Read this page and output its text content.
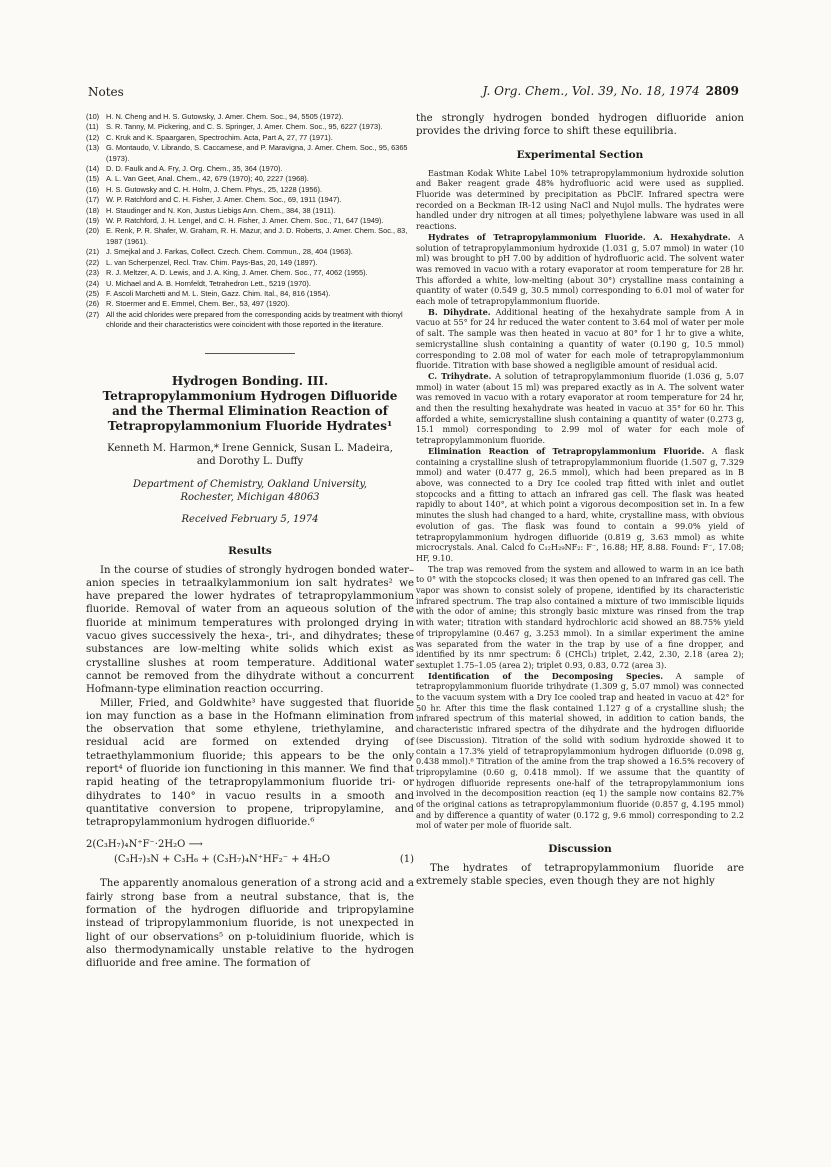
Notes	J. Org. Chem., Vol. 39, No. 18, 1974 2809
(10) H. N. Cheng and H. S. Gutowsky, J. Amer. Chem. Soc., 94, 5505 (1972).
(11)	S. R. Tanny, M. Pickering, and C. S. Springer, J. Amer. Chem. Soc., 95, 6227 (1973).
(12) C. Kruk and K. Spaargaren, Spectrochim. Acta, Part A, 27, 77 (1971).
(13) G. Montaudo, V. Librando, S. Caccamese, and P. Maravigna, J. Amer. Chem. Soc., 95, 6365 (1973).
(14) D. D. Faulk and A. Fry, J. Org. Chem., 35, 364 (1970).
(15) A. L. Van Geet, Anal. Chem., 42, 679 (1970); 40, 2227 (1968).
(16) H. S. Gutowsky and C. H. Holm, J. Chem. Phys., 25, 1228 (1956).
(17) W. P. Ratchford and C. H. Fisher, J. Amer. Chem. Soc., 69, 1911 (1947).
(18) H. Staudinger and N. Kon, Justus Liebigs Ann. Chem., 384, 38 (1911).
(19) W. P. Ratchford, J. H. Lengel, and C. H. Fisher, J. Amer. Chem. Soc., 71, 647 (1949).
(20) E. Renk, P. R. Shafer, W. Graham, R. H. Mazur, and J. D. Roberts, J. Amer. Chem. Soc., 83, 1987 (1961).
(21) J. Smejkal and J. Farkas, Collect. Czech. Chem. Commun., 28, 404 (1963).
(22) L. van Scherpenzel, Recl. Trav. Chim. Pays-Bas, 20, 149 (1897).
(23) R. J. Meltzer, A. D. Lewis, and J. A. King, J. Amer. Chem. Soc., 77, 4062 (1955).
(24) U. Michael and A. B. Hornfeldt, Tetrahedron Lett., 5219 (1970).
(25) F. Ascoli Marchetti and M. L. Stein, Gazz. Chim. Ital., 84, 816 (1954).
(26) R. Stoermer and E. Emmel, Chem. Ber., 53, 497 (1920).
(27) All the acid chlorides were prepared from the corresponding acids by treatment with thionyl chloride and their characteristics were coincident with those reported in the literature.
Hydrogen Bonding. III. Tetrapropylammonium Hydrogen Difluoride and the Thermal Elimination Reaction of Tetrapropylammonium Fluoride Hydrates¹
Kenneth M. Harmon,* Irene Gennick, Susan L. Madeira, and Dorothy L. Duffy
Department of Chemistry, Oakland University,
Rochester, Michigan 48063
Received February 5, 1974
Results

In the course of studies of strongly hydrogen bonded water–anion species in tetraalkylammonium ion salt hydrates² we have prepared the lower hydrates of tetrapropylammonium fluoride. Removal of water from an aqueous solution of the fluoride at minimum temperatures with prolonged drying in vacuo gives successively the hexa-, tri-, and dihydrates; these substances are low-melting white solids which exist as crystalline slushes at room temperature. Additional water cannot be removed from the dihydrate without a concurrent Hofmann-type elimination reaction occurring.

Miller, Fried, and Goldwhite³ have suggested that fluoride ion may function as a base in the Hofmann elimination from the observation that some ethylene, triethylamine, and residual acid are formed on extended drying of tetraethylammonium fluoride; this appears to be the only report⁴ of fluoride ion functioning in this manner. We find that rapid heating of the tetrapropylammonium fluoride tri- or dihydrates to 140° in vacuo results in a smooth and quantitative conversion to propene, tripropylamine, and tetrapropylammonium hydrogen difluoride.⁶

2(C₃H₇)₄N⁺F⁻·2H₂O ⟶
(C₃H₇)₃N + C₃H₆ + (C₃H₇)₄N⁺HF₂⁻ + 4H₂O	(1)

The apparently anomalous generation of a strong acid and a fairly strong base from a neutral substance, that is, the formation of the hydrogen difluoride and tripropylamine instead of tripropylammonium fluoride, is not unexpected in light of our observations⁵ on p-toluidinium fluoride, which is also thermodynamically unstable relative to the hydrogen difluoride and free amine. The formation of

the strongly hydrogen bonded hydrogen difluoride anion provides the driving force to shift these equilibria.
Experimental Section

Eastman Kodak White Label 10% tetrapropylammonium hydroxide solution and Baker reagent grade 48% hydrofluoric acid were used as supplied. Fluoride was determined by precipitation as PbClF. Infrared spectra were recorded on a Beckman IR-12 using NaCl and Nujol mulls. The hydrates were handled under dry nitrogen at all times; polyethylene labware was used in all reactions.

Hydrates of Tetrapropylammonium Fluoride. A. Hexahydrate. A solution of tetrapropylammonium hydroxide (1.031 g, 5.07 mmol) in water (10 ml) was brought to pH 7.00 by addition of hydrofluoric acid. The solvent water was removed in vacuo with a rotary evaporator at room temperature for 28 hr. This afforded a white, low-melting (about 30°) crystalline mass containing a quantity of water (0.549 g, 30.5 mmol) corresponding to 6.01 mol of water for each mole of tetrapropylammonium fluoride.

B. Dihydrate. Additional heating of the hexahydrate sample from A in vacuo at 55° for 24 hr reduced the water content to 3.64 mol of water per mole of salt. The sample was then heated in vacuo at 80° for 1 hr to give a white, semicrystalline slush containing a quantity of water (0.190 g, 10.5 mmol) corresponding to 2.08 mol of water for each mole of tetrapropylammonium fluoride. Titration with base showed a negligible amount of residual acid.

C. Trihydrate. A solution of tetrapropylammonium fluoride (1.036 g, 5.07 mmol) in water (about 15 ml) was prepared exactly as in A. The solvent water was removed in vacuo with a rotary evaporator at room temperature for 24 hr, and then the resulting hexahydrate was heated in vacuo at 35° for 60 hr. This afforded a white, semicrystalline slush containing a quantity of water (0.273 g, 15.1 mmol) corresponding to 2.99 mol of water for each mole of tetrapropylammonium fluoride.

Elimination Reaction of Tetrapropylammonium Fluoride. A flask containing a crystalline slush of tetrapropylammonium fluoride (1.507 g, 7.329 mmol) and water (0.477 g, 26.5 mmol), which had been prepared as in B above, was connected to a Dry Ice cooled trap fitted with inlet and outlet stopcocks and a fitting to attach an infrared gas cell. The flask was heated rapidly to about 140°, at which point a vigorous decomposition set in. In a few minutes the slush had changed to a hard, white, crystalline mass, with obvious evolution of gas. The flask was found to contain a 99.0% yield of tetrapropylammonium hydrogen difluoride (0.819 g, 3.63 mmol) as white microcrystals. Anal. Calcd fo C₁₂H₂₉NF₂: F⁻, 16.88; HF, 8.88. Found: F⁻, 17.08; HF, 9.10.

The trap was removed from the system and allowed to warm in an ice bath to 0° with the stopcocks closed; it was then opened to an infrared gas cell. The vapor was shown to consist solely of propene, identified by its characteristic infrared spectrum. The trap also contained a mixture of two immiscible liquids with the odor of amine; this strongly basic mixture was rinsed from the trap with water; titration with standard hydrochloric acid showed an 88.75% yield of tripropylamine (0.467 g, 3.253 mmol). In a similar experiment the amine was separated from the water in the trap by use of a fine dropper, and identified by its nmr spectrum: δ (CHCl₃) triplet, 2.42, 2.30, 2.18 (area 2); sextuplet 1.75–1.05 (area 2); triplet 0.93, 0.83, 0.72 (area 3).

Identification of the Decomposing Species. A sample of tetrapropylammonium fluoride trihydrate (1.309 g, 5.07 mmol) was connected to the vacuum system with a Dry Ice cooled trap and heated in vacuo at 42° for 50 hr. After this time the flask contained 1.127 g of a crystalline slush; the infrared spectrum of this material showed, in addition to cation bands, the characteristic infrared spectra of the dihydrate and the hydrogen difluoride (see Discussion). Titration of the solid with sodium hydroxide showed it to contain a 17.3% yield of tetrapropylammonium hydrogen difluoride (0.098 g, 0.438 mmol).⁶ Titration of the amine from the trap showed a 16.5% recovery of tripropylamine (0.60 g, 0.418 mmol). If we assume that the quantity of hydrogen difluoride represents one-half of the tetrapropylammonium ions involved in the decomposition reaction (eq 1) the sample now contains 82.7% of the original cations as tetrapropylammonium fluoride (0.857 g, 4.195 mmol) and by difference a quantity of water (0.172 g, 9.6 mmol) corresponding to 2.2 mol of water per mole of fluoride salt.

Discussion

The hydrates of tetrapropylammonium fluoride are extremely stable species, even though they are not highly
